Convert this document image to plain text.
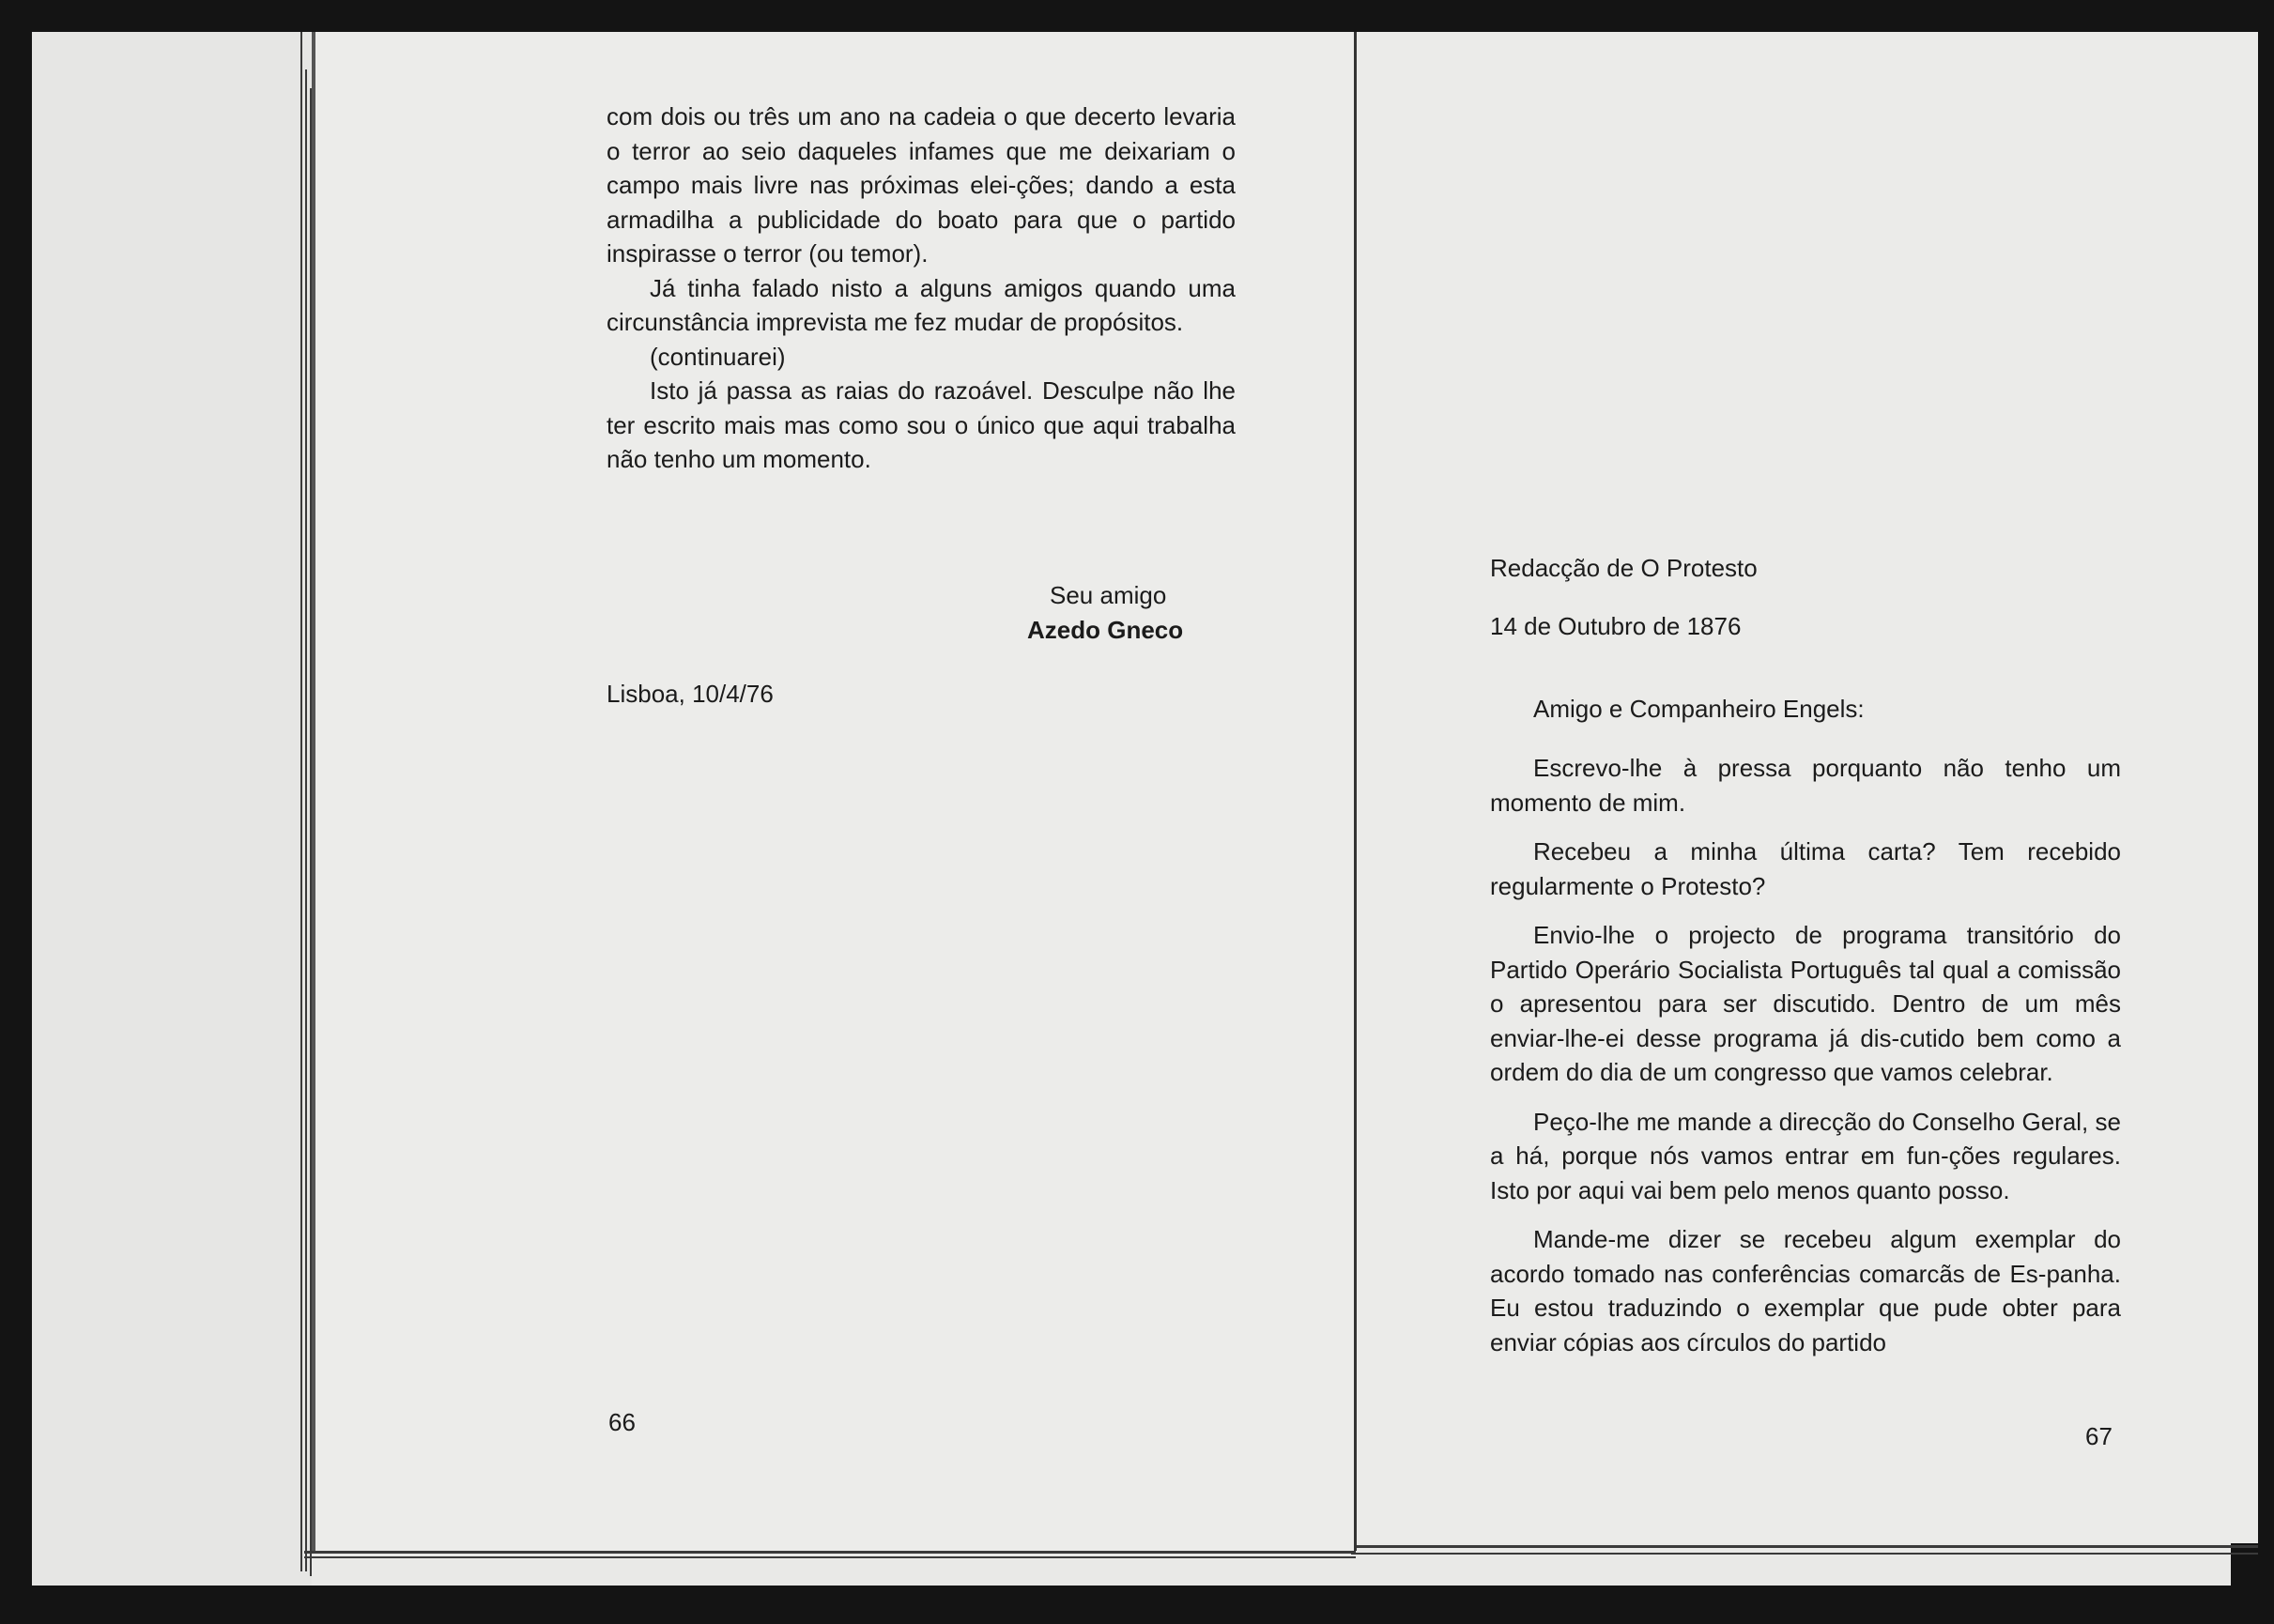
com dois ou três um ano na cadeia o que decerto levaria o terror ao seio daqueles infames que me deixariam o campo mais livre nas próximas elei-ções; dando a esta armadilha a publicidade do boato para que o partido inspirasse o terror (ou temor).

Já tinha falado nisto a alguns amigos quando uma circunstância imprevista me fez mudar de propósitos.

(continuarei)

Isto já passa as raias do razoável. Desculpe não lhe ter escrito mais mas como sou o único que aqui trabalha não tenho um momento.

Seu amigo
Azedo Gneco
Lisboa, 10/4/76
66
Redacção de O Protesto
14 de Outubro de 1876
Amigo e Companheiro Engels:

Escrevo-lhe à pressa porquanto não tenho um momento de mim.

Recebeu a minha última carta? Tem recebido regularmente o Protesto?

Envio-lhe o projecto de programa transitório do Partido Operário Socialista Português tal qual a comissão o apresentou para ser discutido. Dentro de um mês enviar-lhe-ei desse programa já dis-cutido bem como a ordem do dia de um congresso que vamos celebrar.

Peço-lhe me mande a direcção do Conselho Geral, se a há, porque nós vamos entrar em fun-ções regulares. Isto por aqui vai bem pelo menos quanto posso.

Mande-me dizer se recebeu algum exemplar do acordo tomado nas conferências comarcãs de Es-panha. Eu estou traduzindo o exemplar que pude obter para enviar cópias aos círculos do partido

67
